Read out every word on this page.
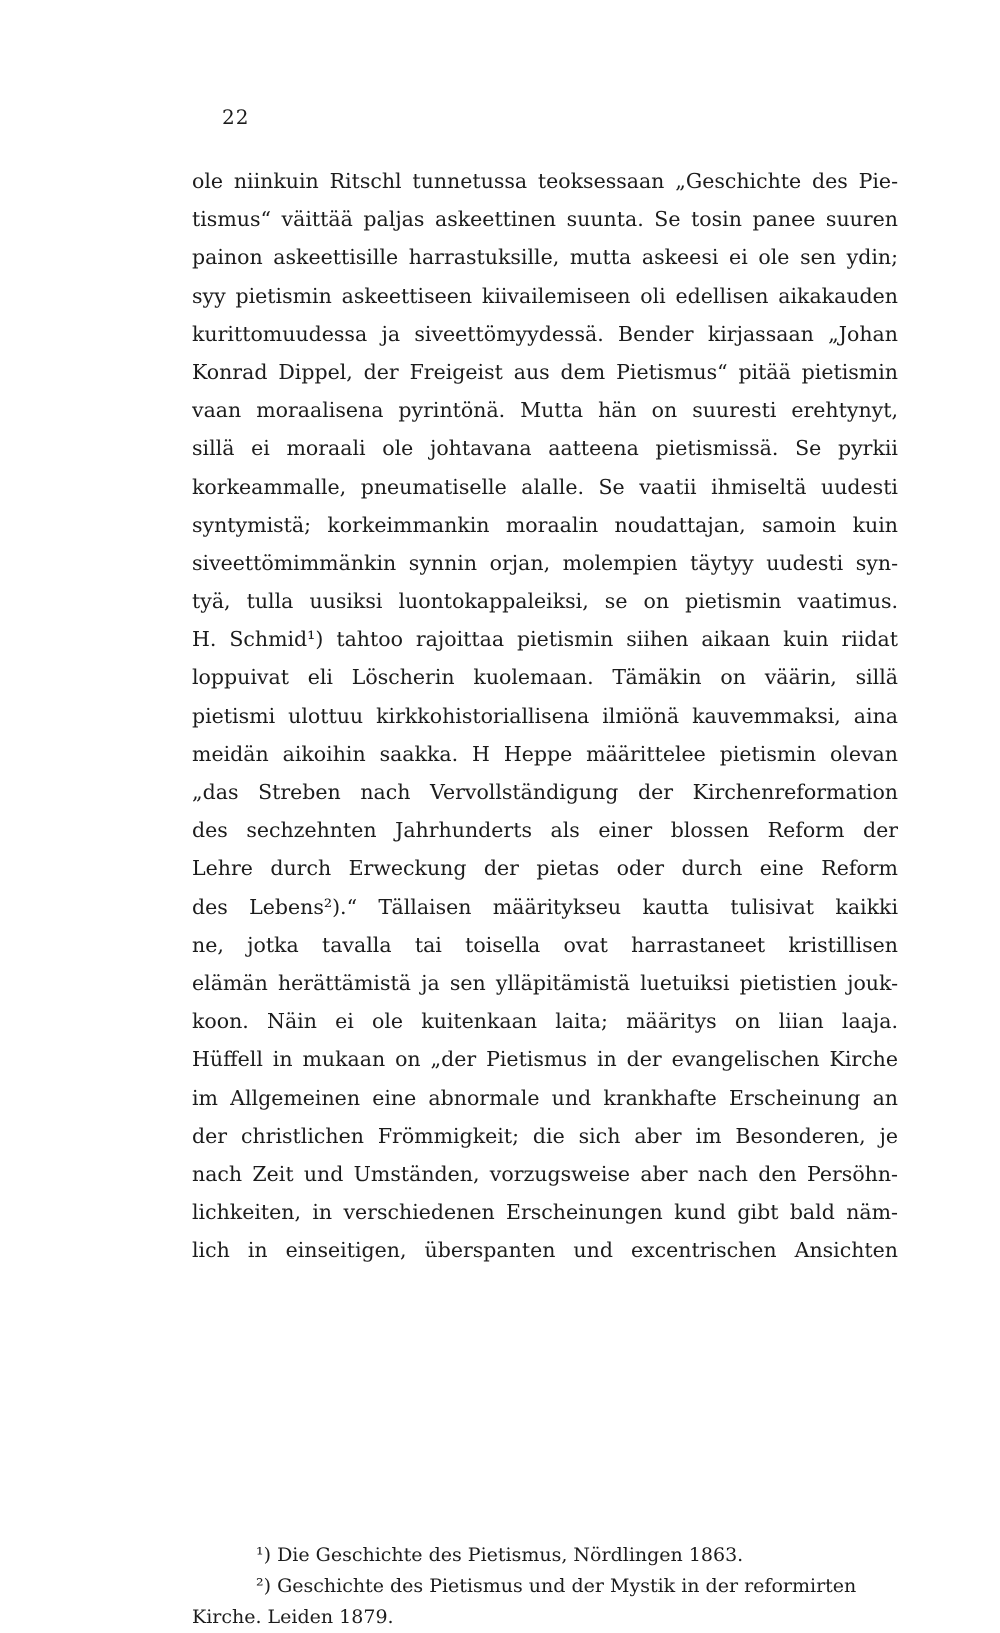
22
ole niinkuin Ritschl tunnetussa teoksessaan „Geschichte des Pie-
tismus“ väittää paljas askeettinen suunta. Se tosin panee suuren
painon askeettisille harrastuksille, mutta askeesi ei ole sen ydin;
syy pietismin askeettiseen kiivailemiseen oli edellisen aikakauden
kurittomuudessa ja siveettömyydessä. Bender kirjassaan „Johan
Konrad Dippel, der Freigeist aus dem Pietismus“ pitää pietismin
vaan moraalisena pyrintönä. Mutta hän on suuresti erehtynyt,
sillä ei moraali ole johtavana aatteena pietismissä. Se pyrkii
korkeammalle, pneumatiselle alalle. Se vaatii ihmiseltä uudesti
syntymistä; korkeimmankin moraalin noudattajan, samoin kuin
siveettömimmänkin synnin orjan, molempien täytyy uudesti syn-
tyä, tulla uusiksi luontokappaleiksi, se on pietismin vaatimus.
H. Schmid¹) tahtoo rajoittaa pietismin siihen aikaan kuin riidat
loppuivat eli Löscherin kuolemaan. Tämäkin on väärin, sillä
pietismi ulottuu kirkkohistoriallisena ilmiönä kauvemmaksi, aina
meidän aikoihin saakka. H Heppe määrittelee pietismin olevan
„das Streben nach Vervollständigung der Kirchenreformation
des sechzehnten Jahrhunderts als einer blossen Reform der
Lehre durch Erweckung der pietas oder durch eine Reform
des Lebens²).“ Tällaisen määritykseu kautta tulisivat kaikki
ne, jotka tavalla tai toisella ovat harrastaneet kristillisen
elämän herättämistä ja sen ylläpitämistä luetuiksi pietistien jouk-
koon. Näin ei ole kuitenkaan laita; määritys on liian laaja.
Hüffell in mukaan on „der Pietismus in der evangelischen Kirche
im Allgemeinen eine abnormale und krankhafte Erscheinung an
der christlichen Frömmigkeit; die sich aber im Besonderen, je
nach Zeit und Umständen, vorzugsweise aber nach den Persöhn-
lichkeiten, in verschiedenen Erscheinungen kund gibt bald näm-
lich in einseitigen, überspanten und excentrischen Ansichten
¹) Die Geschichte des Pietismus, Nördlingen 1863.
²) Geschichte des Pietismus und der Mystik in der reformirten
Kirche. Leiden 1879.
